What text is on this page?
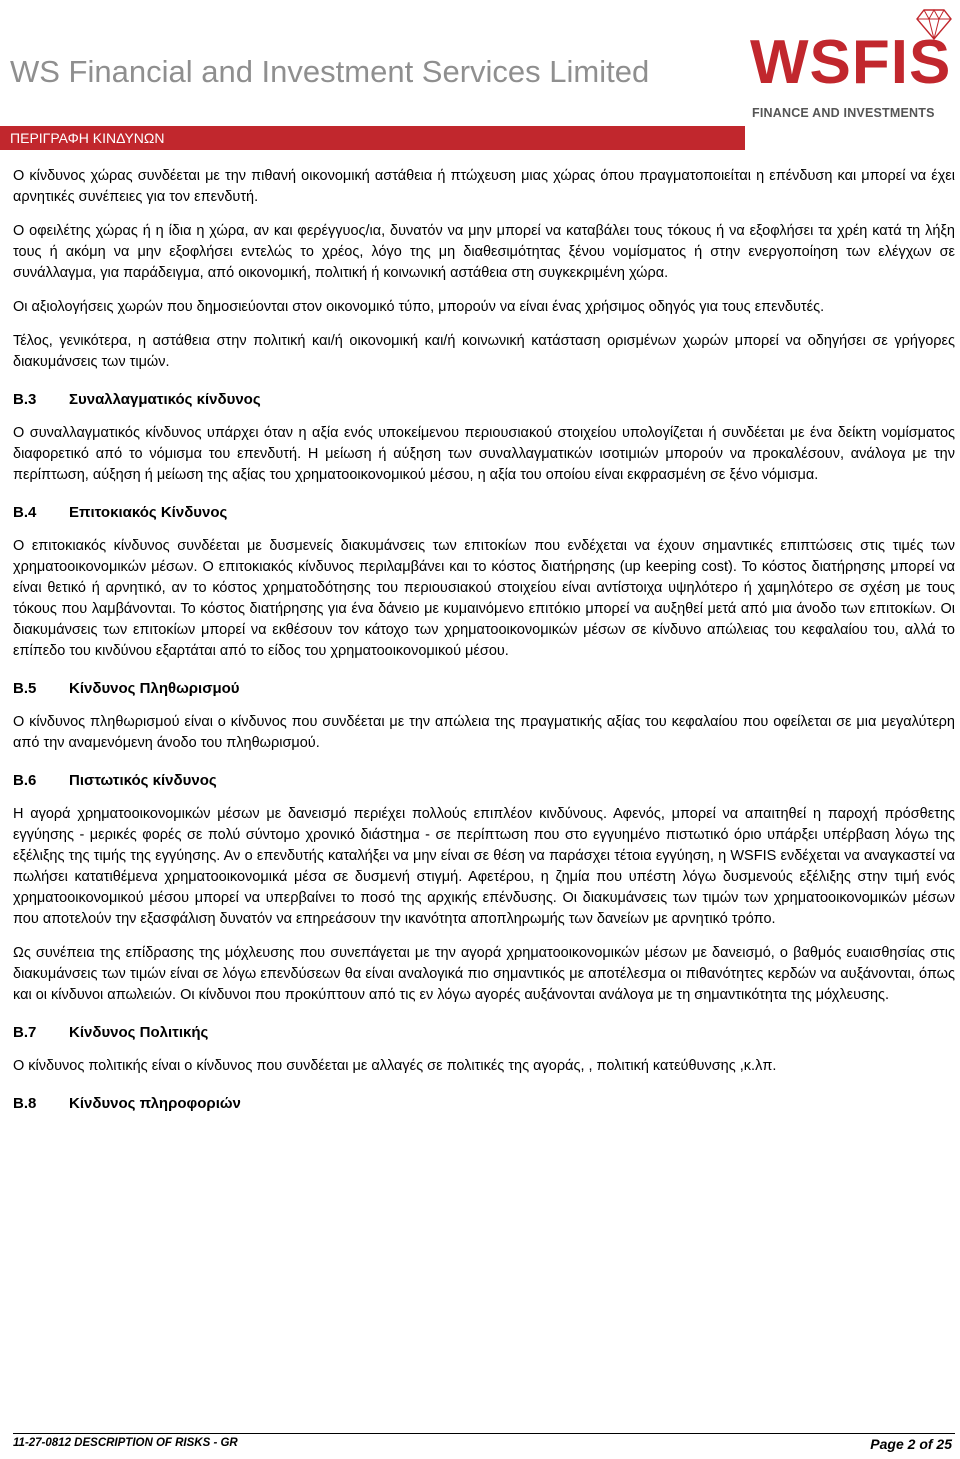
WS Financial and Investment Services Limited WSFIS
FINANCE AND INVESTMENTS
ΠΕΡΙΓΡΑΦΗ ΚΙΝΔΥΝΩΝ

Ο κίνδυνος χώρας συνδέεται με την πιθανή οικονομική αστάθεια ή πτώχευση μιας χώρας όπου πραγματοποιείται η επένδυση και μπορεί να έχει αρνητικές συνέπειες για τον επενδυτή.

Ο οφειλέτης χώρας ή η ίδια η χώρα, αν και φερέγγυος/ια, δυνατόν να μην μπορεί να καταβάλει τους τόκους ή να εξοφλήσει τα χρέη κατά τη λήξη τους ή ακόμη να μην εξοφλήσει εντελώς το χρέος, λόγο της μη διαθεσιμότητας ξένου νομίσματος ή στην ενεργοποίηση των ελέγχων σε συνάλλαγμα, για παράδειγμα, από οικονομική, πολιτική ή κοινωνική αστάθεια στη συγκεκριμένη χώρα.

Οι αξιολογήσεις χωρών που δημοσιεύονται στον οικονομικό τύπο, μπορούν να είναι ένας χρήσιμος οδηγός για τους επενδυτές.

Τέλος, γενικότερα, η αστάθεια στην πολιτική και/ή οικονομική και/ή κοινωνική κατάσταση ορισμένων χωρών μπορεί να οδηγήσει σε γρήγορες διακυμάνσεις των τιμών.

B.3 Συναλλαγματικός κίνδυνος

Ο συναλλαγματικός κίνδυνος υπάρχει όταν η αξία ενός υποκείμενου περιουσιακού στοιχείου υπολογίζεται ή συνδέεται με ένα δείκτη νομίσματος διαφορετικό από το νόμισμα του επενδυτή. Η μείωση ή αύξηση των συναλλαγματικών ισοτιμιών μπορούν να προκαλέσουν, ανάλογα με την περίπτωση, αύξηση ή μείωση της αξίας του χρηματοοικονομικού μέσου, η αξία του οποίου είναι εκφρασμένη σε ξένο νόμισμα.

B.4 Επιτοκιακός Κίνδυνος

Ο επιτοκιακός κίνδυνος συνδέεται με δυσμενείς διακυμάνσεις των επιτοκίων που ενδέχεται να έχουν σημαντικές επιπτώσεις στις τιμές των χρηματοοικονομικών μέσων. Ο επιτοκιακός κίνδυνος περιλαμβάνει και το κόστος διατήρησης (up keeping cost). Το κόστος διατήρησης μπορεί να είναι θετικό ή αρνητικό, αν το κόστος χρηματοδότησης του περιουσιακού στοιχείου είναι αντίστοιχα υψηλότερο ή χαμηλότερο σε σχέση με τους τόκους που λαμβάνονται. Το κόστος διατήρησης για ένα δάνειο με κυμαινόμενο επιτόκιο μπορεί να αυξηθεί μετά από μια άνοδο των επιτοκίων. Οι διακυμάνσεις των επιτοκίων μπορεί να εκθέσουν τον κάτοχο των χρηματοοικονομικών μέσων σε κίνδυνο απώλειας του κεφαλαίου του, αλλά το επίπεδο του κινδύνου εξαρτάται από το είδος του χρηματοοικονομικού μέσου.

B.5 Κίνδυνος Πληθωρισμού

Ο κίνδυνος πληθωρισμού είναι ο κίνδυνος που συνδέεται με την απώλεια της πραγματικής αξίας του κεφαλαίου που οφείλεται σε μια μεγαλύτερη από την αναμενόμενη άνοδο του πληθωρισμού.

B.6 Πιστωτικός κίνδυνος

Η αγορά χρηματοοικονομικών μέσων με δανεισμό περιέχει πολλούς επιπλέον κινδύνους. Αφενός, μπορεί να απαιτηθεί η παροχή πρόσθετης εγγύησης - μερικές φορές σε πολύ σύντομο χρονικό διάστημα - σε περίπτωση που στο εγγυημένο πιστωτικό όριο υπάρξει υπέρβαση λόγω της εξέλιξης της τιμής της εγγύησης. Αν ο επενδυτής καταλήξει να μην είναι σε θέση να παράσχει τέτοια εγγύηση, η WSFIS ενδέχεται να αναγκαστεί να πωλήσει κατατιθέμενα χρηματοοικονομικά μέσα σε δυσμενή στιγμή. Αφετέρου, η ζημία που υπέστη λόγω δυσμενούς εξέλιξης στην τιμή ενός χρηματοοικονομικού μέσου μπορεί να υπερβαίνει το ποσό της αρχικής επένδυσης. Οι διακυμάνσεις των τιμών των χρηματοοικονομικών μέσων που αποτελούν την εξασφάλιση δυνατόν να επηρεάσουν την ικανότητα αποπληρωμής των δανείων με αρνητικό τρόπο.

Ως συνέπεια της επίδρασης της μόχλευσης που συνεπάγεται με την αγορά χρηματοοικονομικών μέσων με δανεισμό, ο βαθμός ευαισθησίας στις διακυμάνσεις των τιμών είναι σε λόγω επενδύσεων θα είναι αναλογικά πιο σημαντικός με αποτέλεσμα οι πιθανότητες κερδών να αυξάνονται, όπως και οι κίνδυνοι απωλειών. Οι κίνδυνοι που προκύπτουν από τις εν λόγω αγορές αυξάνονται ανάλογα με τη σημαντικότητα της μόχλευσης.

B.7 Κίνδυνος Πολιτικής

Ο κίνδυνος πολιτικής είναι ο κίνδυνος που συνδέεται με αλλαγές σε πολιτικές της αγοράς, , πολιτική κατεύθυνσης ,κ.λπ.

B.8 Κίνδυνος πληροφοριών
11-27-0812 DESCRIPTION OF RISKS - GR	Page 2 of 25
